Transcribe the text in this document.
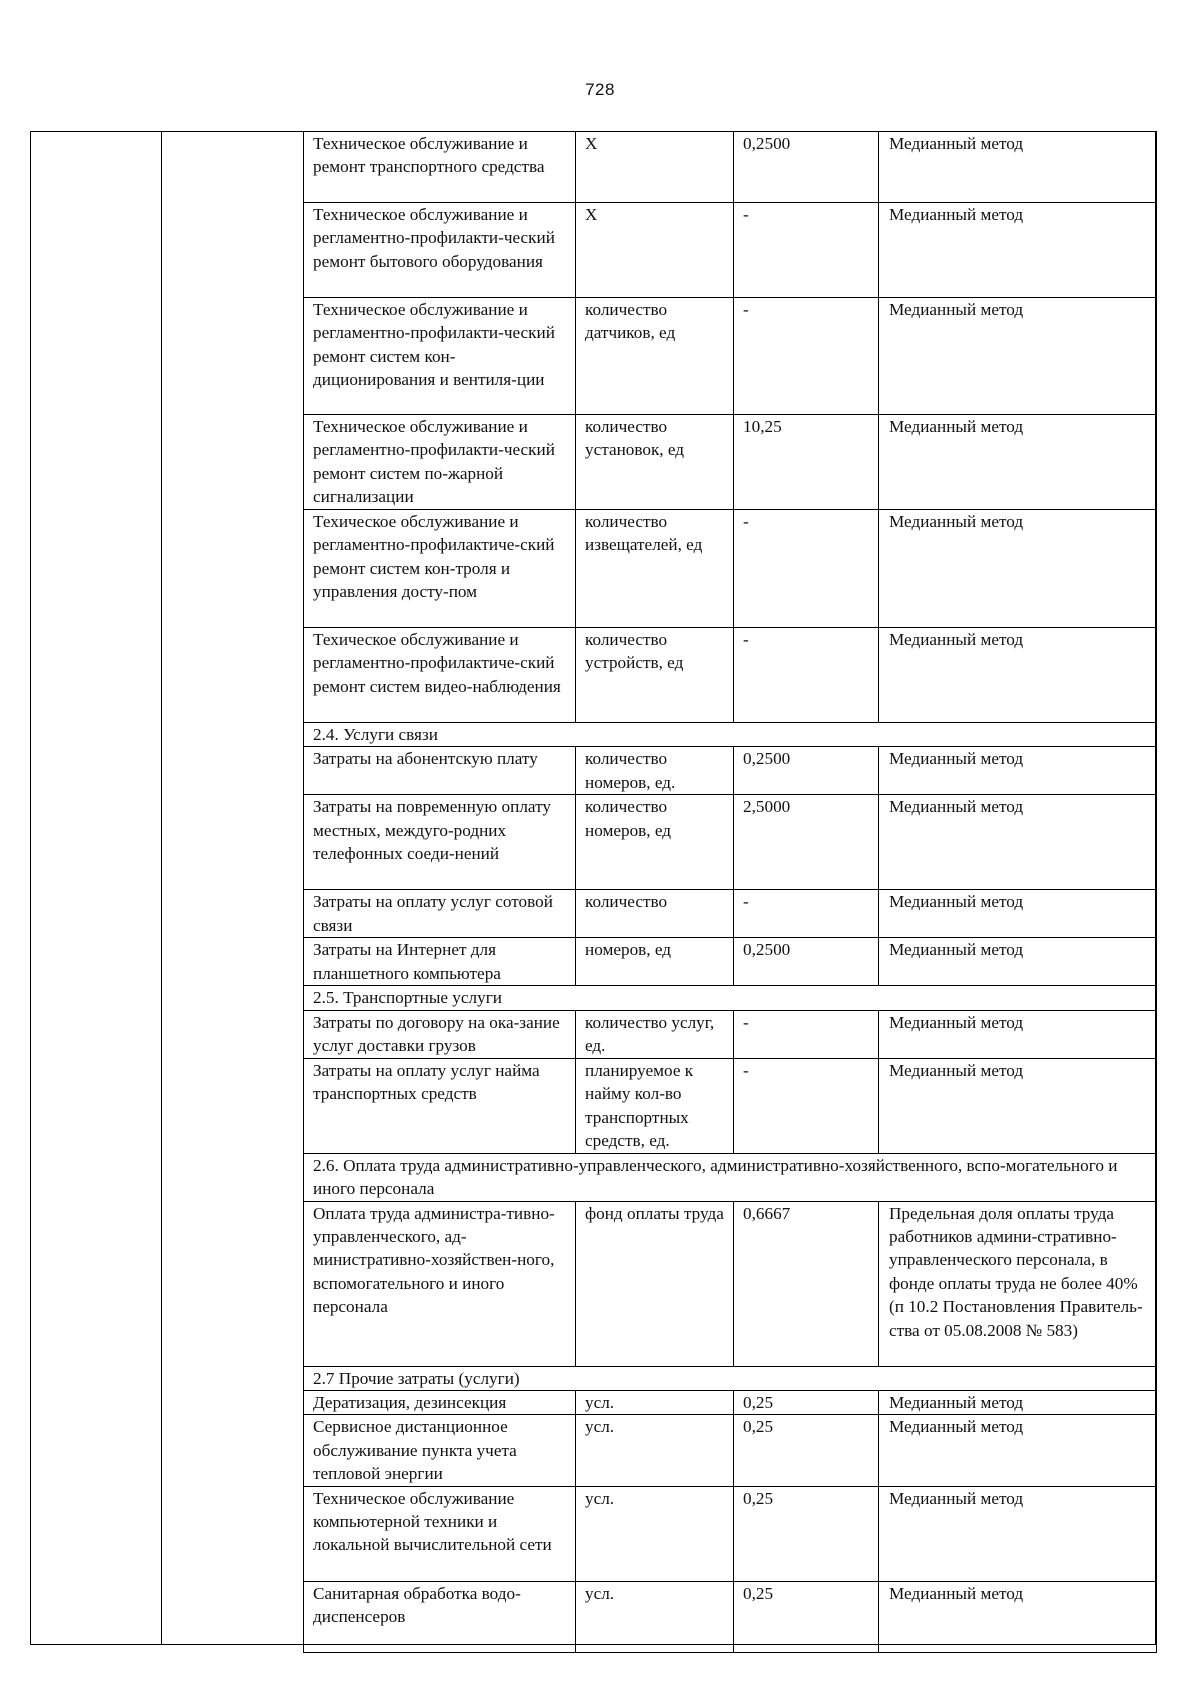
728
Техническое обслуживание и ремонт транспортного средства	Х	0,2500	Медианный метод
Техническое обслуживание и регламентно-профилакти-ческий ремонт бытового оборудования	Х	-	Медианный метод
Техническое обслуживание и регламентно-профилакти-ческий ремонт систем кон-диционирования и вентиля-ции	количество датчиков, ед	-	Медианный метод
Техническое обслуживание и регламентно-профилакти-ческий ремонт систем по-жарной сигнализации	количество установок, ед	10,25	Медианный метод
Техическое обслуживание и регламентно-профилактиче-ский ремонт систем кон-троля и управления досту-пом	количество извещателей, ед	-	Медианный метод
Техическое обслуживание и регламентно-профилактиче-ский ремонт систем видео-наблюдения	количество устройств, ед	-	Медианный метод
2.4. Услуги связи			
Затраты на абонентскую плату	количество номеров, ед.	0,2500	Медианный метод
Затраты на повременную оплату местных, междуго-родних телефонных соеди-нений	количество номеров, ед	2,5000	Медианный метод
Затраты на оплату услуг сотовой связи	количество	-	Медианный метод
Затраты на Интернет для планшетного компьютера	номеров, ед	0,2500	Медианный метод
2.5. Транспортные услуги			
Затраты по договору на ока-зание услуг доставки грузов	количество услуг, ед.	-	Медианный метод
Затраты на оплату услуг найма транспортных средств	планируемое к найму кол-во транспортных средств, ед.	-	Медианный метод
2.6. Оплата труда административно-управленческого, административно-хозяйственного, вспо-могательного и иного персонала			
Оплата труда администра-тивно-управленческого, ад-министративно-хозяйствен-ного, вспомогательного и иного персонала	фонд оплаты труда	0,6667	Предельная доля оплаты труда работников админи-стративно-управленческого персонала, в фонде оплаты труда не более 40% (п 10.2 Постановления Правитель-ства от 05.08.2008 № 583)
2.7 Прочие затраты (услуги)			
Дератизация, дезинсекция	усл.	0,25	Медианный метод
Сервисное дистанционное обслуживание пункта учета тепловой энергии	усл.	0,25	Медианный метод
Техническое обслуживание компьютерной техники и локальной вычислительной сети	усл.	0,25	Медианный метод
Санитарная обработка водо-диспенсеров	усл.	0,25	Медианный метод
